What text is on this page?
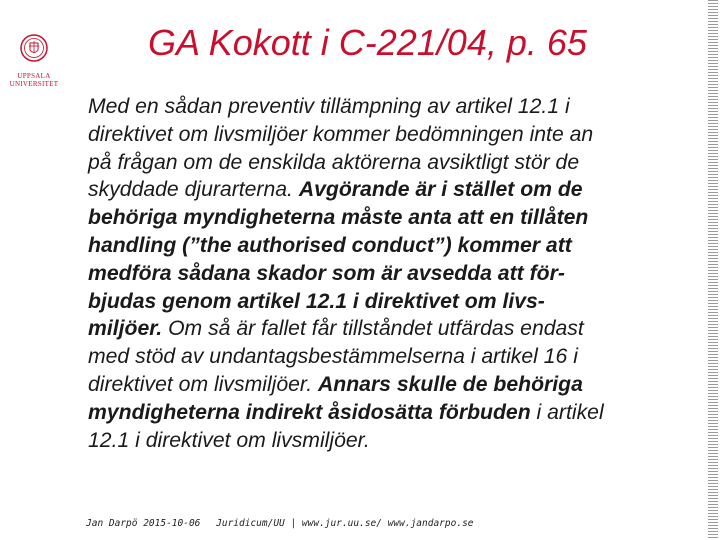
UPPSALA
UNIVERSITET
GA Kokott i C-221/04, p. 65
Med en sådan preventiv tillämpning av artikel 12.1 i
direktivet om livsmiljöer kommer bedömningen inte an
på frågan om de enskilda aktörerna avsiktligt stör de
skyddade djurarterna. Avgörande är i stället om de
behöriga myndigheterna måste anta att en tillåten
handling (”the authorised conduct”) kommer att
medföra sådana skador som är avsedda att för-
bjudas genom artikel 12.1 i direktivet om livs-
miljöer. Om så är fallet får tillståndet utfärdas endast
med stöd av undantagsbestämmelserna i artikel 16 i
direktivet om livsmiljöer. Annars skulle de behöriga
myndigheterna indirekt åsidosätta förbuden i artikel
12.1 i direktivet om livsmiljöer.
Jan Darpö 2015-10-06 Juridicum/UU | www.jur.uu.se/ www.jandarpo.se
